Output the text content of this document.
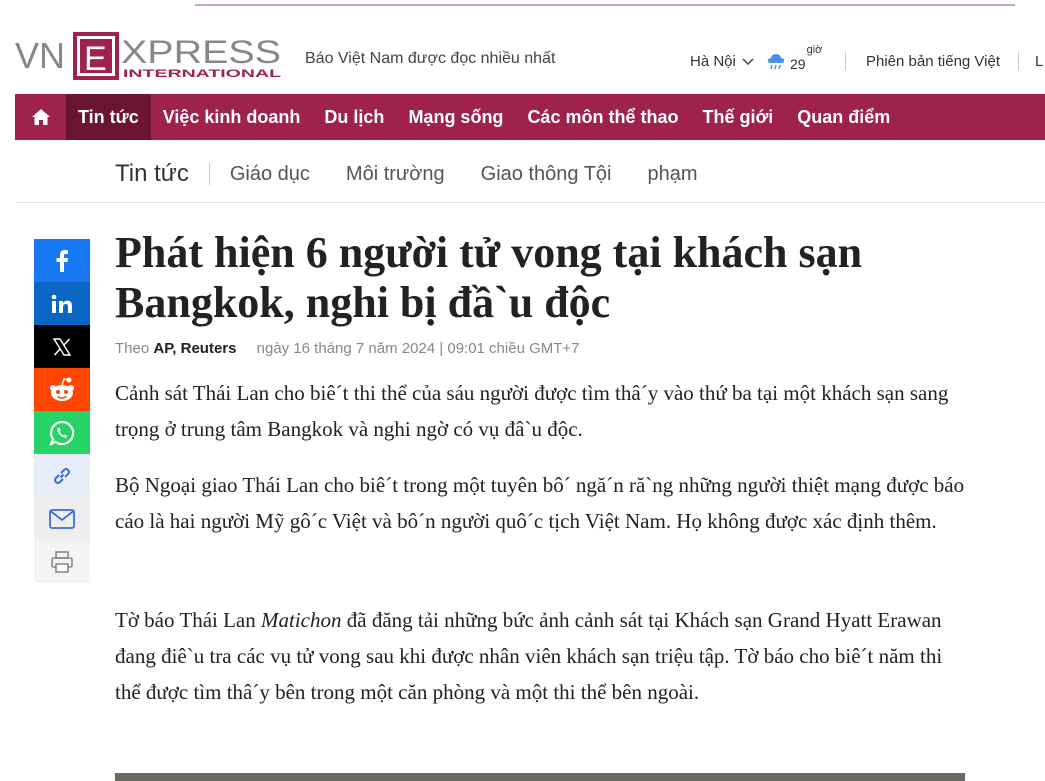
VN E XPRESS
INTERNATIONAL
Báo Việt Nam được đọc nhiều nhất	Hà Nội	29
giờ
Phiên bản tiếng Việt L
Tin tức	Việc kinh doanh	Du lịch	Mạng sống	Các môn thể thao	Thế giới	Quan điểm
Tin tức Giáo dục Môi trường Giao thông Tội phạm
Phát hiện 6 người tử vong tại khách sạn Bangkok, nghi bị đầ`u độc
Theo AP, Reuters ngày 16 tháng 7 năm 2024 | 09:01 chiều GMT+7

Cảnh sát Thái Lan cho biê´t thi thể của sáu người được tìm thâ´y vào thứ ba tại một khách sạn sang trọng ở trung tâm Bangkok và nghi ngờ có vụ đâ`u độc.

Bộ Ngoại giao Thái Lan cho biê´t trong một tuyên bô´ ngă´n ră`ng những người thiệt mạng được báo cáo là hai người Mỹ gô´c Việt và bô´n người quô´c tịch Việt Nam. Họ không được xác định thêm.

Tờ báo Thái Lan Matichon đã đăng tải những bức ảnh cảnh sát tại Khách sạn Grand Hyatt Erawan đang điê`u tra các vụ tử vong sau khi được nhân viên khách sạn triệu tập. Tờ báo cho biê´t năm thi thể được tìm thâ´y bên trong một căn phòng và một thi thể bên ngoài.
